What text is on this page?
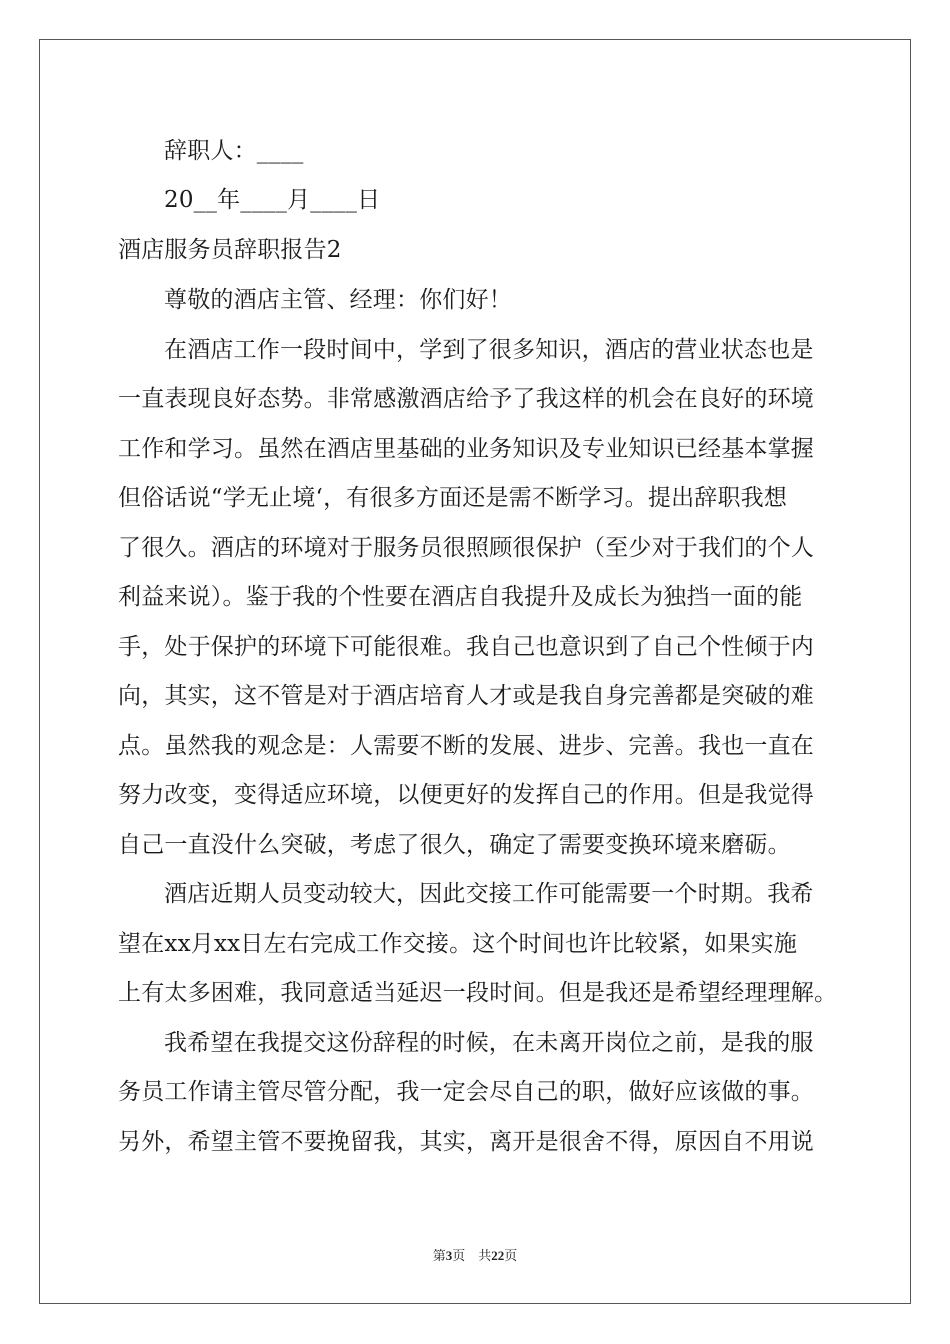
辞职人：____
20__年____月____日
酒店服务员辞职报告2
尊敬的酒店主管、经理：你们好！
在酒店工作一段时间中，学到了很多知识，酒店的营业状态也是
一直表现良好态势。非常感激酒店给予了我这样的机会在良好的环境
工作和学习。虽然在酒店里基础的业务知识及专业知识已经基本掌握
但俗话说“学无止境‘，有很多方面还是需不断学习。提出辞职我想
了很久。酒店的环境对于服务员很照顾很保护（至少对于我们的个人
利益来说）。鉴于我的个性要在酒店自我提升及成长为独挡一面的能
手，处于保护的环境下可能很难。我自己也意识到了自己个性倾于内
向，其实，这不管是对于酒店培育人才或是我自身完善都是突破的难
点。虽然我的观念是：人需要不断的发展、进步、完善。我也一直在
努力改变，变得适应环境，以便更好的发挥自己的作用。但是我觉得
自己一直没什么突破，考虑了很久，确定了需要变换环境来磨砺。
酒店近期人员变动较大，因此交接工作可能需要一个时期。我希
望在xx月xx日左右完成工作交接。这个时间也许比较紧，如果实施
上有太多困难，我同意适当延迟一段时间。但是我还是希望经理理解。
我希望在我提交这份辞程的时候，在未离开岗位之前，是我的服
务员工作请主管尽管分配，我一定会尽自己的职，做好应该做的事。
另外，希望主管不要挽留我，其实，离开是很舍不得，原因自不用说
第3页　共22页
